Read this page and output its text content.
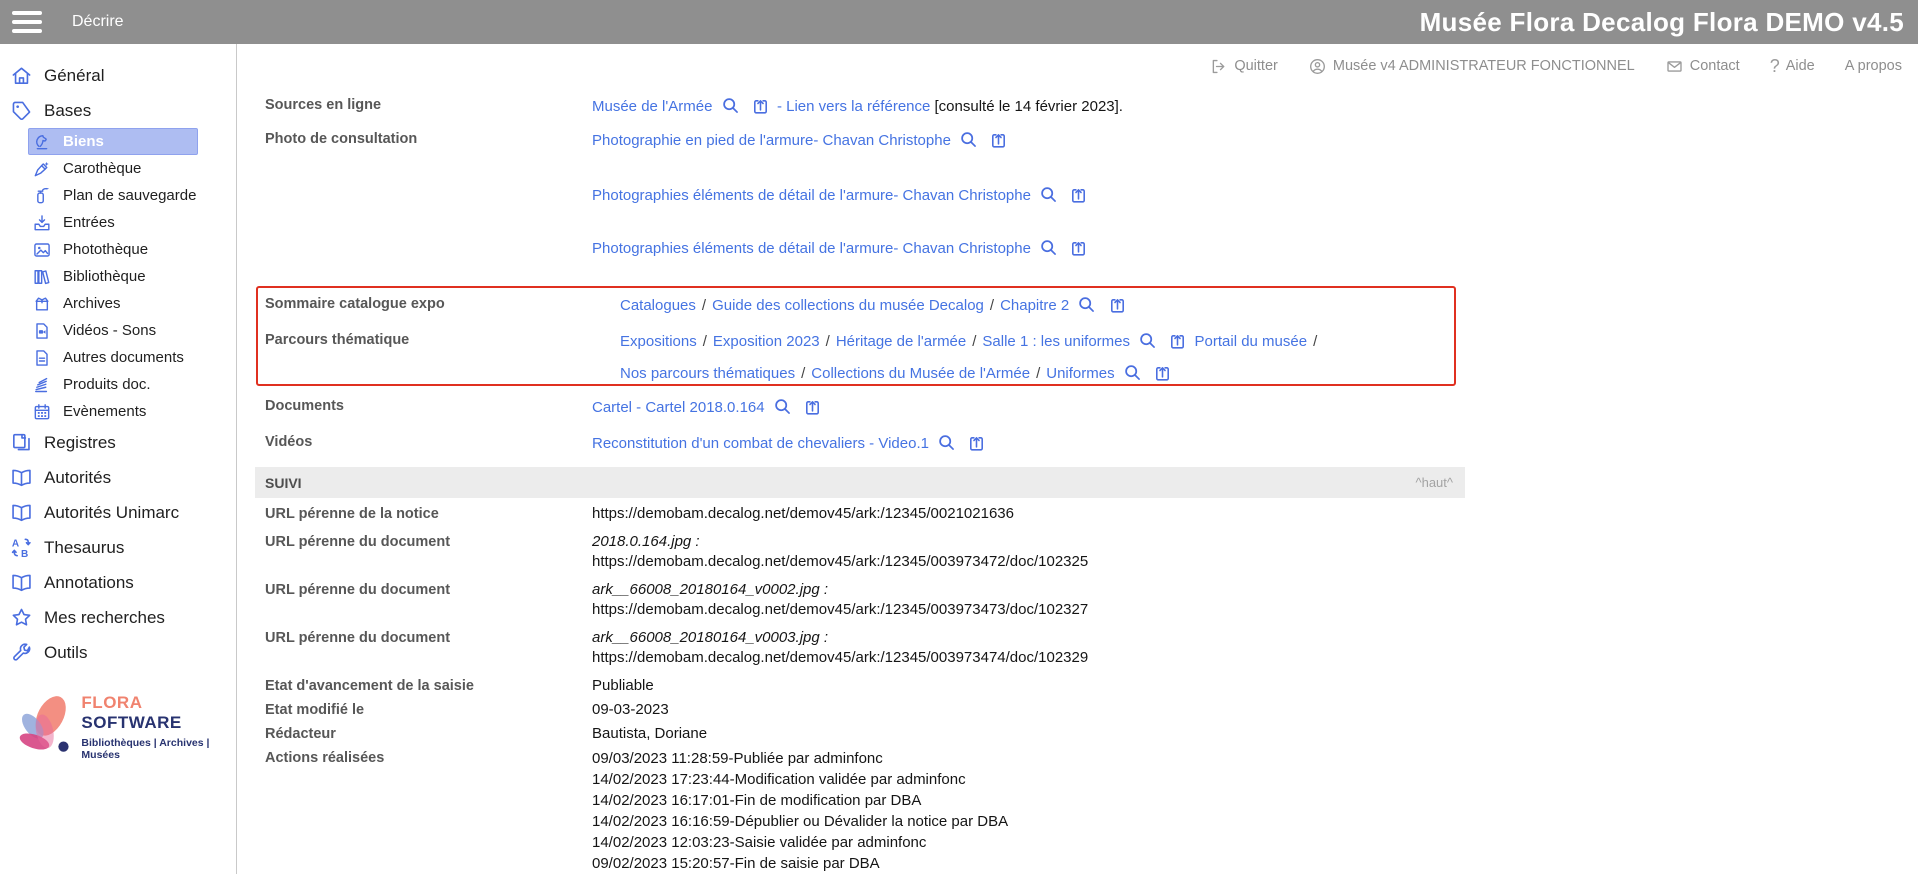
Décrire	Musée Flora Decalog Flora DEMO v4.5
Général
Bases
Biens
Carothèque
Plan de sauvegarde
Entrées
Photothèque
Bibliothèque
Archives
Vidéos - Sons
Autres documents
Produits doc.
Evènements
Registres
Autorités
Autorités Unimarc
Thesaurus
Annotations
Mes recherches
Outils
FLORA SOFTWARE
Bibliothèques | Archives | Musées
Quitter	Musée v4 ADMINISTRATEUR FONCTIONNEL	Contact ? Aide A propos
Sources en ligne	Musée de l'Armée
	- Lien vers la référence [consulté le 14 février 2023].
Photo de consultation	Photographie en pied de l'armure- Chavan Christophe

Photographies éléments de détail de l'armure- Chavan Christophe

Photographies éléments de détail de l'armure- Chavan Christophe

Sommaire catalogue expo	Catalogues / Guide des collections du musée Decalog / Chapitre 2

Parcours thématique	Expositions / Exposition 2023 / Héritage de l'armée / Salle 1 : les uniformes
	Portail du musée /
Nos parcours thématiques / Collections du Musée de l'Armée / Uniformes

Documents	Cartel - Cartel 2018.0.164

Vidéos	Reconstitution d'un combat de chevaliers - Video.1

SUIVI	^haut^
URL pérenne de la notice	https://demobam.decalog.net/demov45/ark:/12345/0021021636
URL pérenne du document	2018.0.164.jpg :
https://demobam.decalog.net/demov45/ark:/12345/003973472/doc/102325
URL pérenne du document	ark__66008_20180164_v0002.jpg :
https://demobam.decalog.net/demov45/ark:/12345/003973473/doc/102327
URL pérenne du document	ark__66008_20180164_v0003.jpg :
https://demobam.decalog.net/demov45/ark:/12345/003973474/doc/102329
Etat d'avancement de la saisie	Publiable
Etat modifié le	09-03-2023
Rédacteur	Bautista, Doriane
Actions réalisées	09/03/2023 11:28:59-Publiée par adminfonc
14/02/2023 17:23:44-Modification validée par adminfonc
14/02/2023 16:17:01-Fin de modification par DBA
14/02/2023 16:16:59-Dépublier ou Dévalider la notice par DBA
14/02/2023 12:03:23-Saisie validée par adminfonc
09/02/2023 15:20:57-Fin de saisie par DBA
